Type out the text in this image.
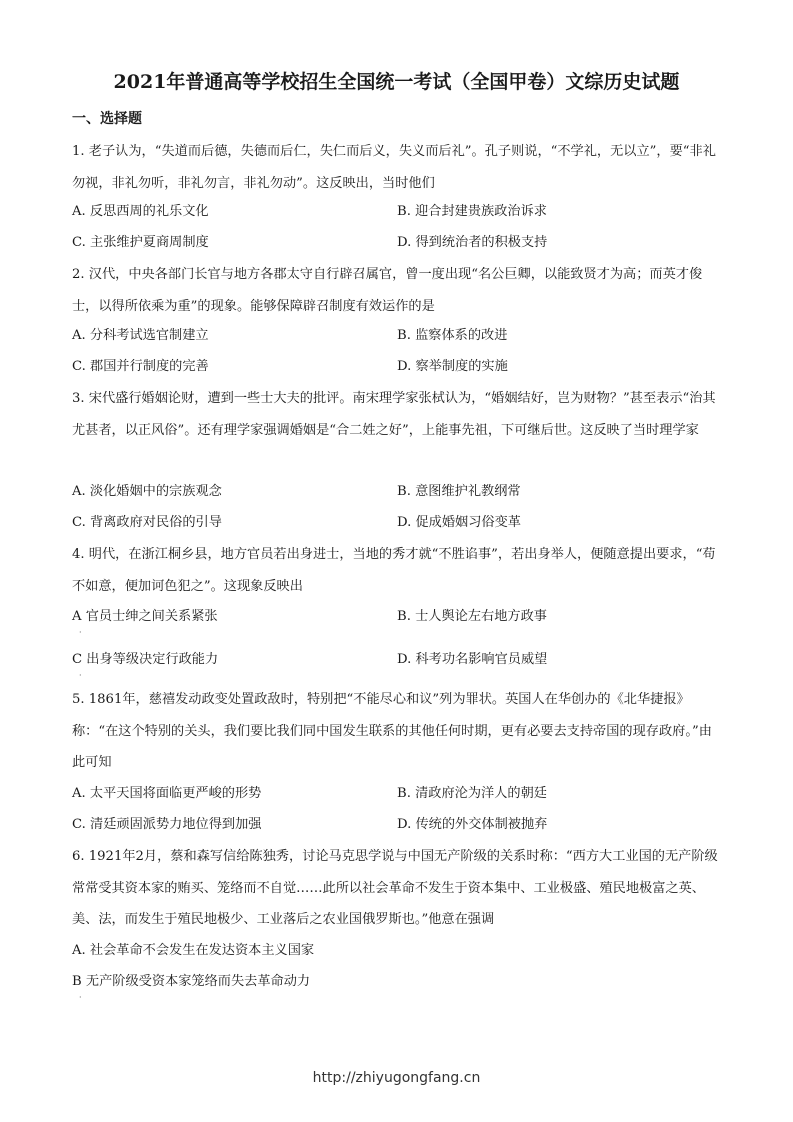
2021年普通高等学校招生全国统一考试（全国甲卷）文综历史试题
一、选择题

1. 老子认为，“失道而后德，失德而后仁，失仁而后义，失义而后礼”。孔子则说，“不学礼，无以立”，要“非礼勿视，非礼勿听，非礼勿言，非礼勿动”。这反映出，当时他们

A. 反思西周的礼乐文化	B. 迎合封建贵族政治诉求
C. 主张维护夏商周制度	D. 得到统治者的积极支持

2. 汉代，中央各部门长官与地方各郡太守自行辟召属官，曾一度出现“名公巨卿，以能致贤才为高；而英才俊士，以得所依乘为重”的现象。能够保障辟召制度有效运作的是

A. 分科考试选官制建立	B. 监察体系的改进
C. 郡国并行制度的完善	D. 察举制度的实施

3. 宋代盛行婚姻论财，遭到一些士大夫的批评。南宋理学家张栻认为，“婚姻结好，岂为财物？”甚至表示“治其尤甚者，以正风俗”。还有理学家强调婚姻是“合二姓之好”，上能事先祖，下可继后世。这反映了当时理学家

A. 淡化婚姻中的宗族观念	B. 意图维护礼教纲常
C. 背离政府对民俗的引导	D. 促成婚姻习俗变革

4. 明代，在浙江桐乡县，地方官员若出身进士，当地的秀才就“不胜谄事”，若出身举人，便随意提出要求，“苟不如意，便加诃色犯之”。这现象反映出

A 官员士绅之间关系紧张	B. 士人舆论左右地方政事
·
C 出身等级决定行政能力	D. 科考功名影响官员威望
·

5. 1861年，慈禧发动政变处置政敌时，特别把“不能尽心和议”列为罪状。英国人在华创办的《北华捷报》称：“在这个特别的关头，我们要比我们同中国发生联系的其他任何时期，更有必要去支持帝国的现存政府。”由此可知

A. 太平天国将面临更严峻的形势	B. 清政府沦为洋人的朝廷
C. 清廷顽固派势力地位得到加强	D. 传统的外交体制被抛弃

6. 1921年2月，蔡和森写信给陈独秀，讨论马克思学说与中国无产阶级的关系时称：“西方大工业国的无产阶级常常受其资本家的贿买、笼络而不自觉……此所以社会革命不发生于资本集中、工业极盛、殖民地极富之英、美、法，而发生于殖民地极少、工业落后之农业国俄罗斯也。”他意在强调

A. 社会革命不会发生在发达资本主义国家
B 无产阶级受资本家笼络而失去革命动力
·
http://zhiyugongfang.cn
